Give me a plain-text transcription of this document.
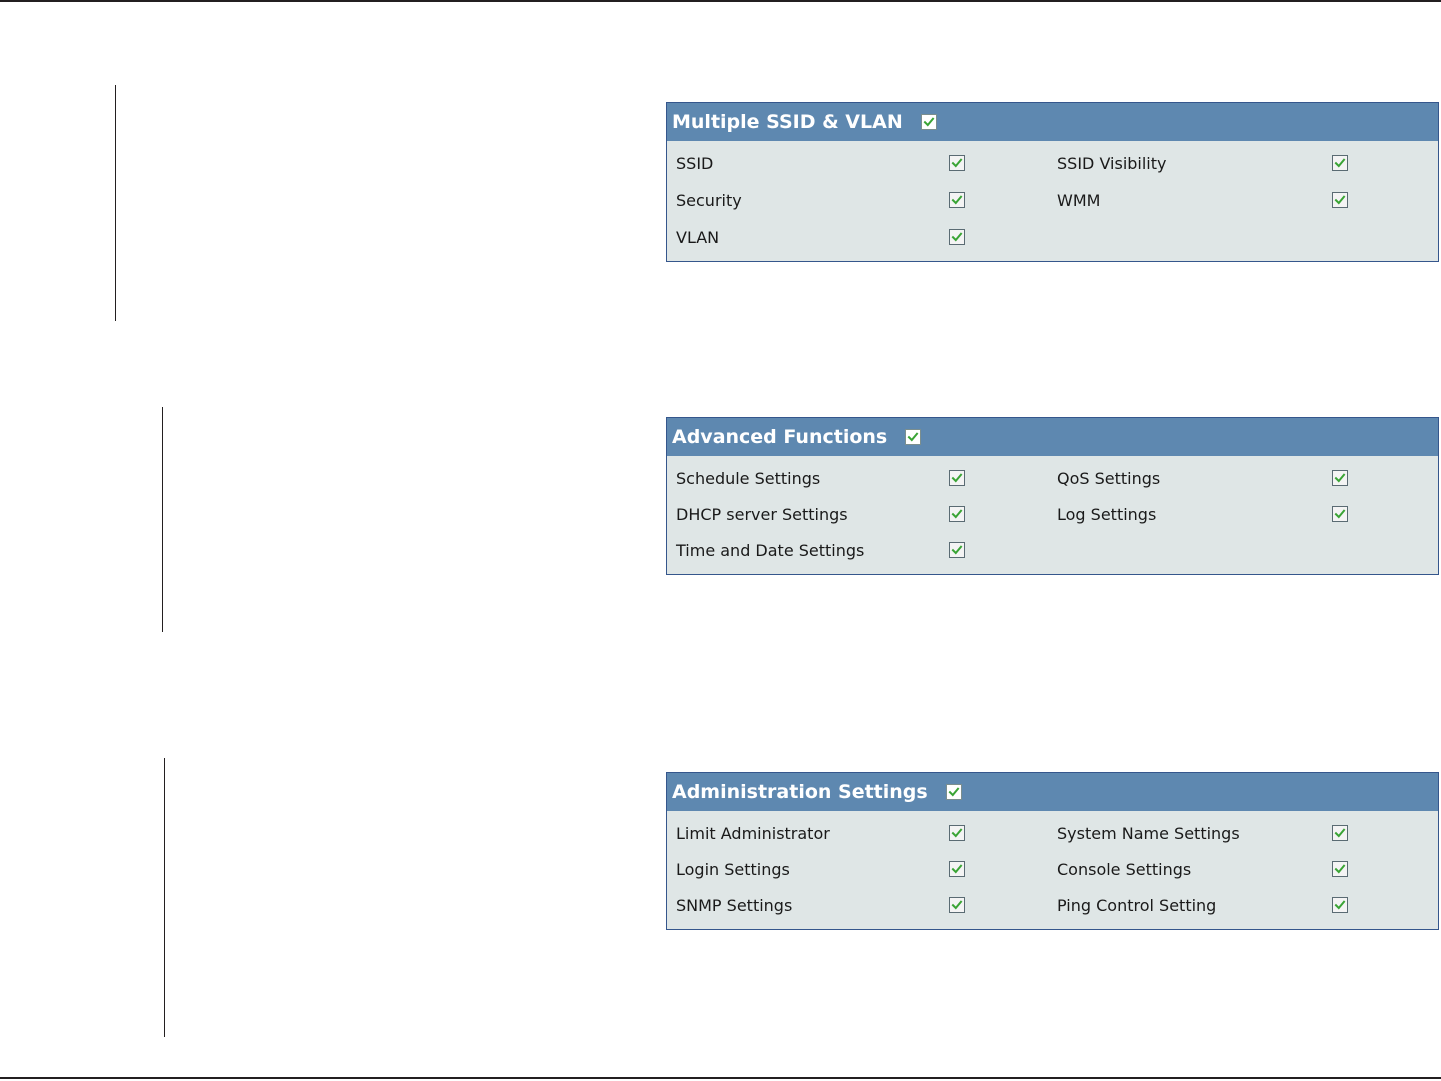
Multiple SSID & VLAN
SSID	SSID Visibility
Security	WMM
VLAN
Advanced Functions
Schedule Settings	QoS Settings
DHCP server Settings	Log Settings
Time and Date Settings
Administration Settings
Limit Administrator	System Name Settings
Login Settings	Console Settings
SNMP Settings	Ping Control Setting
